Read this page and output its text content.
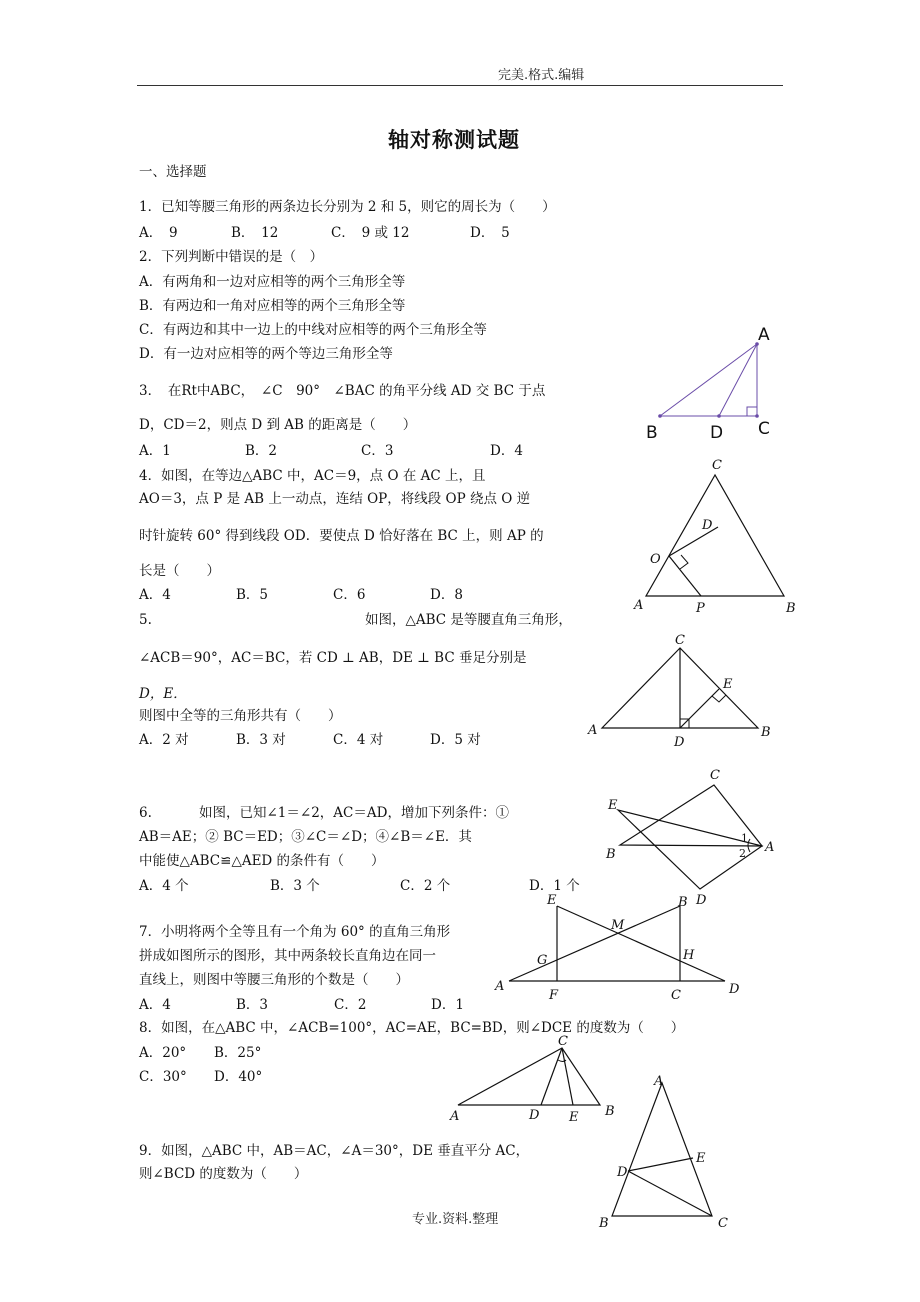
完美.格式.编辑
轴对称测试题
一、选择题
1．已知等腰三角形的两条边长分别为 2 和 5，则它的周长为（　　）
A．　9	B．　12	C．　9 或 12	D．　5
2．下列判断中错误的是（　）
A．有两角和一边对应相等的两个三角形全等
B．有两边和一角对应相等的两个三角形全等
C．有两边和其中一边上的中线对应相等的两个三角形全等
D．有一边对应相等的两个等边三角形全等
3．　在Rt中ABC，　∠C　90°　∠BAC 的角平分线 AD 交 BC 于点
D，CD＝2，则点 D 到 AB 的距离是（　　）
A．1	B．2	C．3	D．4
A
B	D C
4．如图，在等边△ABC 中，AC＝9，点 O 在 AC 上，且
AO＝3，点 P 是 AB 上一动点，连结 OP，将线段 OP 绕点 O 逆
时针旋转 60° 得到线段 OD．要使点 D 恰好落在 BC 上，则 AP 的
长是（　　）
A．4	B．5	C．6	D．8
C
D
O
A	P	B
5.	如图，△ABC 是等腰直角三角形，
∠ACB＝90°，AC＝BC，若 CD ⊥ AB，DE ⊥ BC 垂足分别是
D，E．
则图中全等的三角形共有（　　）
A．2 对	B．3 对	C．4 对	D．5 对
C
E
A
D
B
6.	如图，已知∠1＝∠2，AC＝AD，增加下列条件：①
AB＝AE；② BC＝ED；③∠C＝∠D；④∠B＝∠E．其
中能使△ABC≌△AED 的条件有（　　）
A．4 个	B．3 个	C．2 个	D．1 个
C
E
1
2 A
B
D
7．小明将两个全等且有一个角为 60° 的直角三角形
拼成如图所示的图形，其中两条较长直角边在同一
直线上，则图中等腰三角形的个数是（　　）
A．4	B．3	C．2	D．1
E	B
M
G	H
A
F	C	D
8．如图，在△ABC 中，∠ACB=100°，AC=AE，BC=BD，则∠DCE 的度数为（　　）
A．20° B．25°
C．30° D．40°
C
A	D E B
9．如图，△ABC 中，AB＝AC，∠A＝30°，DE 垂直平分 AC，
则∠BCD 的度数为（　　）
A
E
D
B	C
专业.资料.整理
